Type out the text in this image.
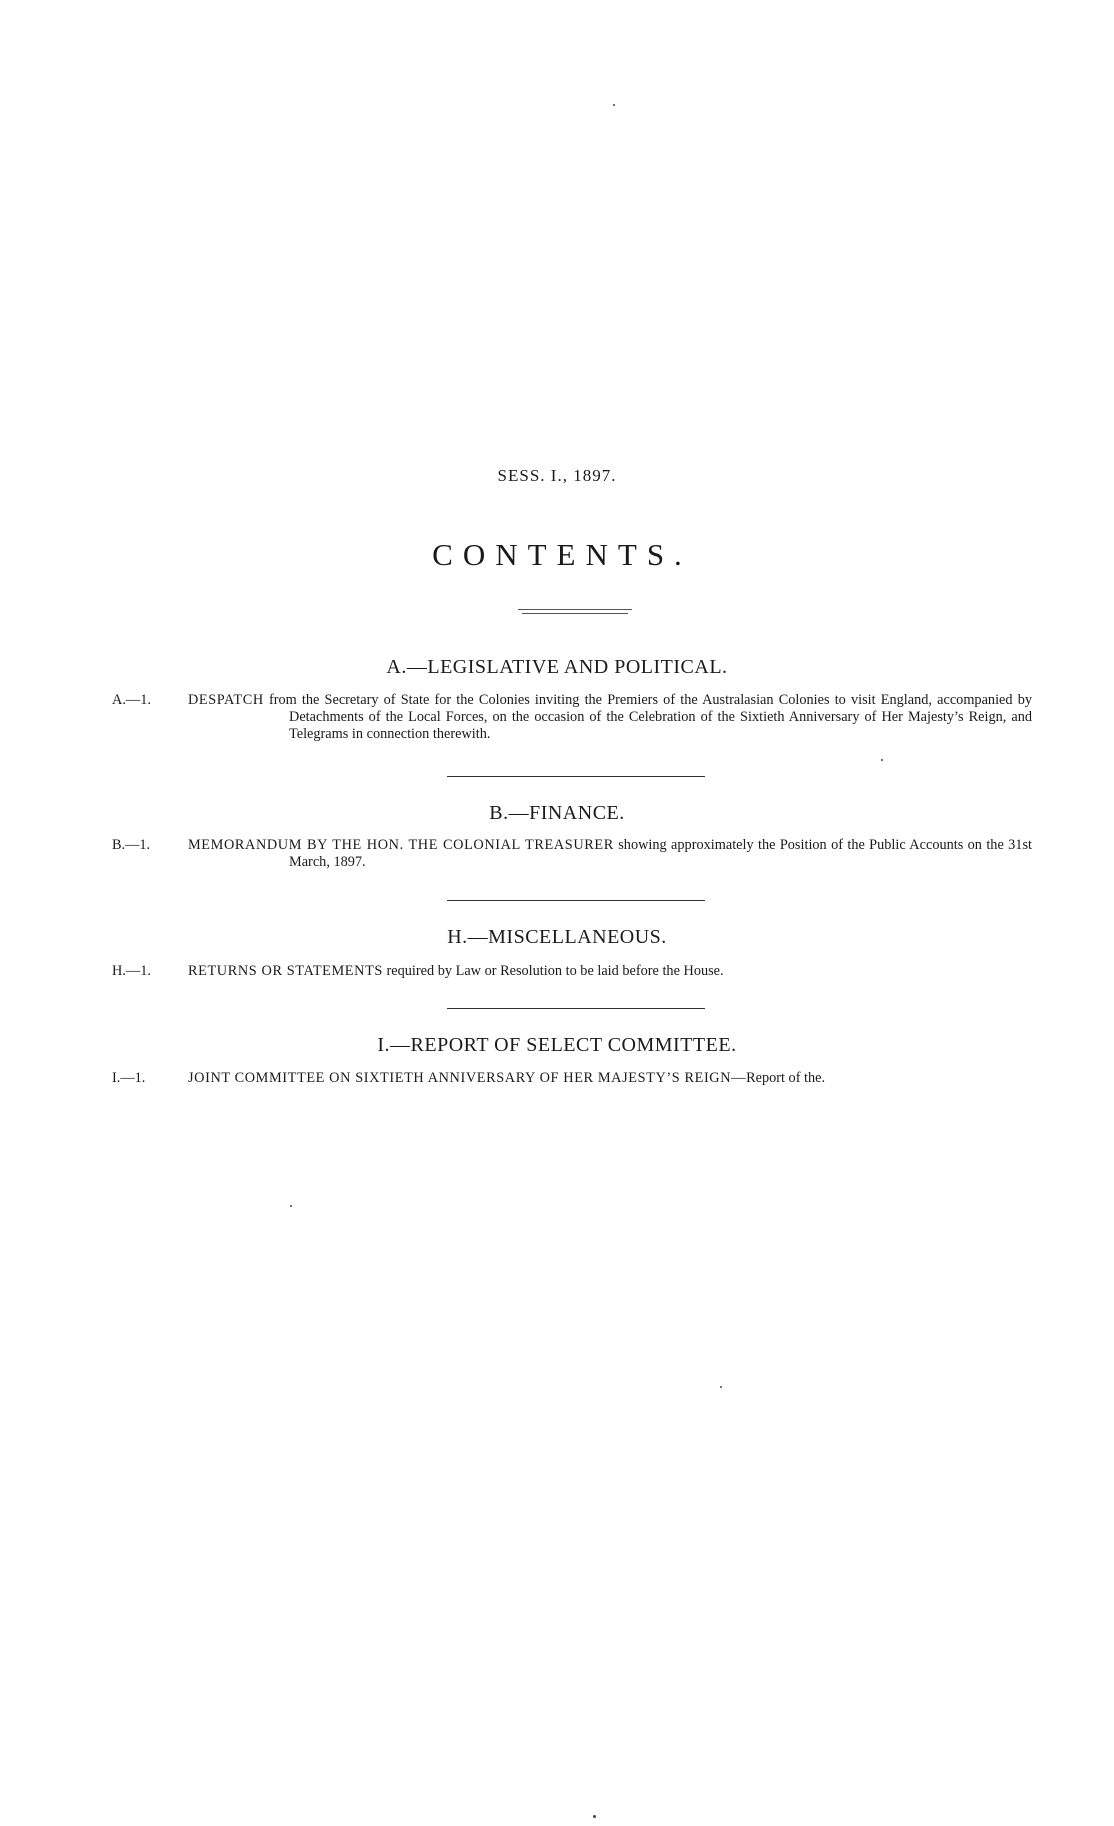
SESS. I., 1897.
CONTENTS.
A.—LEGISLATIVE AND POLITICAL.
A.—1.	DESPATCH from the Secretary of State for the Colonies inviting the Premiers of the Australasian Colonies to visit England, accompanied by Detachments of the Local Forces, on the occasion of the Celebration of the Sixtieth Anniversary of Her Majesty’s Reign, and Telegrams in connection therewith.
B.—FINANCE.
B.—1.	MEMORANDUM BY THE HON. THE COLONIAL TREASURER showing approximately the Position of the Public Accounts on the 31st March, 1897.
H.—MISCELLANEOUS.
H.—1.	RETURNS OR STATEMENTS required by Law or Resolution to be laid before the House.
I.—REPORT OF SELECT COMMITTEE.
I.—1.	JOINT COMMITTEE ON SIXTIETH ANNIVERSARY OF HER MAJESTY’S REIGN—Report of the.
